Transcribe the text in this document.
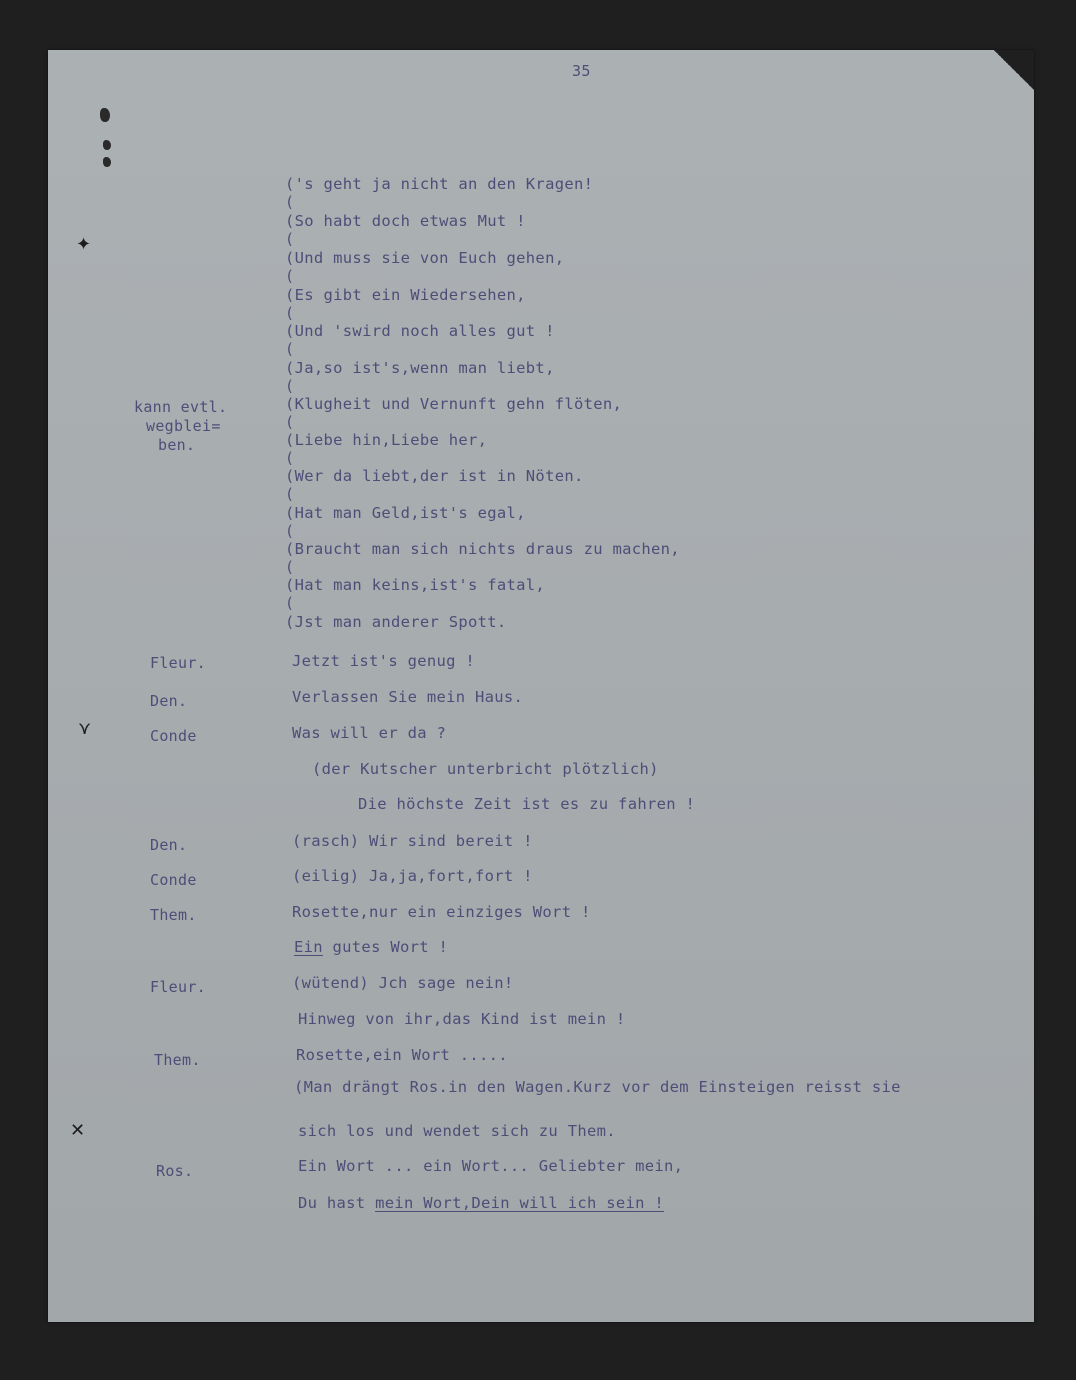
✦
⋎
✕
35
kann evtl.
wegblei=
ben.
('s geht ja nicht an den Kragen!
(
(So habt doch etwas Mut !
(
(Und muss sie von Euch gehen,
(
(Es gibt ein Wiedersehen,
(
(Und 'swird noch alles gut !
(
(Ja,so ist's,wenn man liebt,
(
(Klugheit und Vernunft gehn flöten,
(
(Liebe hin,Liebe her,
(
(Wer da liebt,der ist in Nöten.
(
(Hat man Geld,ist's egal,
(
(Braucht man sich nichts draus zu machen,
(
(Hat man keins,ist's fatal,
(
(Jst man anderer Spott.
Fleur.	Jetzt ist's genug !
Den.	Verlassen Sie mein Haus.
Conde	Was will er da ?
(der Kutscher unterbricht plötzlich)
Die höchste Zeit ist es zu fahren !
Den.	(rasch) Wir sind bereit !
Conde	(eilig) Ja,ja,fort,fort !
Them.	Rosette,nur ein einziges Wort !
Ein gutes Wort !
Fleur.	(wütend) Jch sage nein!
Hinweg von ihr,das Kind ist mein !
Them.	Rosette,ein Wort .....
(Man drängt Ros.in den Wagen.Kurz vor dem Einsteigen reisst sie
sich los und wendet sich zu Them.
Ros.	Ein Wort ... ein Wort... Geliebter mein,
Du hast mein Wort,Dein will ich sein !
